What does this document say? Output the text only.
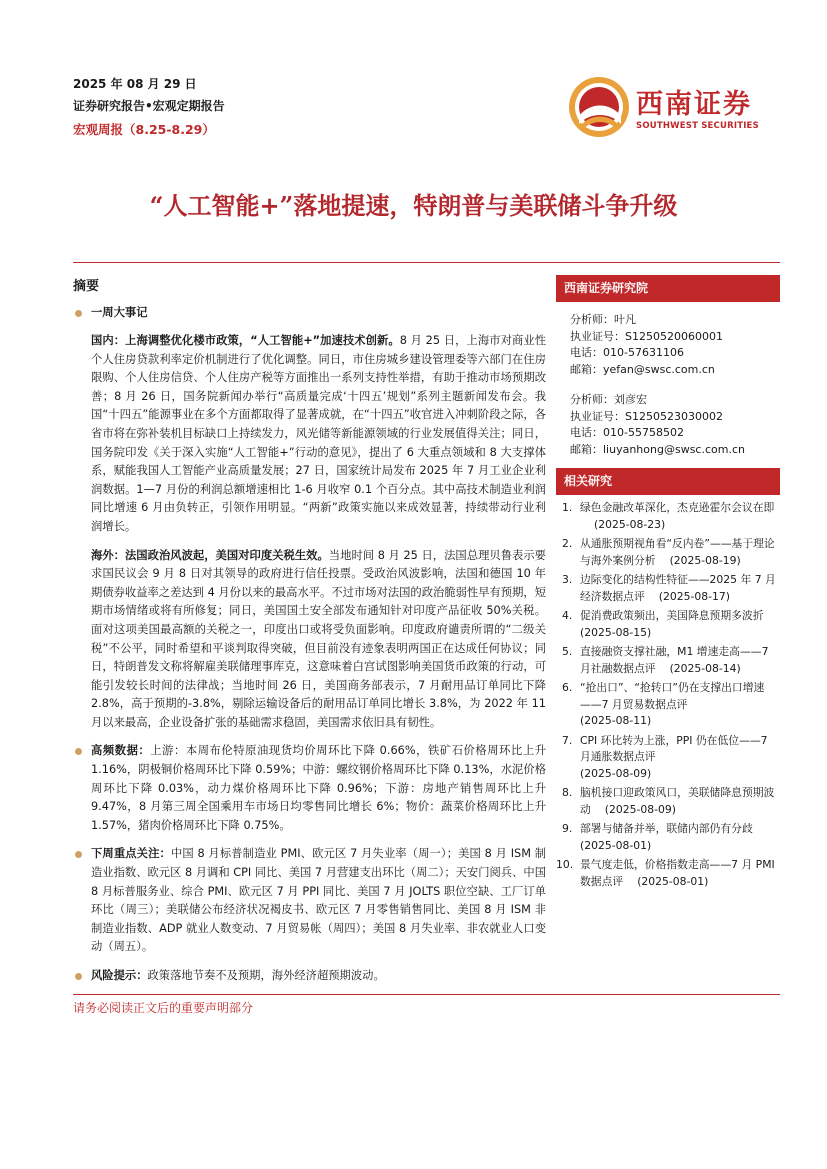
2025 年 08 月 29 日
证券研究报告•宏观定期报告
宏观周报（8.25-8.29）
西南证券
SOUTHWEST SECURITIES
“人工智能+”落地提速，特朗普与美联储斗争升级
摘要
一周大事记

国内：上海调整优化楼市政策，“人工智能+”加速技术创新。8 月 25 日，上海市对商业性个人住房贷款利率定价机制进行了优化调整。同日，市住房城乡建设管理委等六部门在住房限购、个人住房信贷、个人住房产税等方面推出一系列支持性举措，有助于推动市场预期改善；8 月 26 日，国务院新闻办举行“高质量完成‘十四五’规划”系列主题新闻发布会。我国“十四五”能源事业在多个方面都取得了显著成就，在“十四五”收官进入冲刺阶段之际，各省市将在弥补装机目标缺口上持续发力，风光储等新能源领域的行业发展值得关注；同日，国务院印发《关于深入实施“人工智能+”行动的意见》，提出了 6 大重点领域和 8 大支撑体系，赋能我国人工智能产业高质量发展；27 日，国家统计局发布 2025 年 7 月工业企业利润数据。1—7 月份的利润总额增速相比 1-6 月收窄 0.1 个百分点。其中高技术制造业利润同比增速 6 月由负转正，引领作用明显。“两新”政策实施以来成效显著，持续带动行业利润增长。

海外：法国政治风波起，美国对印度关税生效。当地时间 8 月 25 日，法国总理贝鲁表示要求国民议会 9 月 8 日对其领导的政府进行信任投票。受政治风波影响，法国和德国 10 年期债券收益率之差达到 4 月份以来的最高水平。不过市场对法国的政治脆弱性早有预期，短期市场情绪或将有所修复；同日，美国国土安全部发布通知针对印度产品征收 50%关税。面对这项美国最高额的关税之一，印度出口或将受负面影响。印度政府谴责所谓的“二级关税”不公平，同时希望和平谈判取得突破，但目前没有迹象表明两国正在达成任何协议；同日，特朗普发文称将解雇美联储理事库克，这意味着白宫试图影响美国货币政策的行动，可能引发较长时间的法律战；当地时间 26 日，美国商务部表示，7 月耐用品订单同比下降 2.8%，高于预期的-3.8%，剔除运输设备后的耐用品订单同比增长 3.8%，为 2022 年 11 月以来最高，企业设备扩张的基础需求稳固，美国需求依旧具有韧性。

高频数据：上游：本周布伦特原油现货均价周环比下降 0.66%，铁矿石价格周环比上升 1.16%，阴极铜价格周环比下降 0.59%；中游：螺纹钢价格周环比下降 0.13%，水泥价格周环比下降 0.03%，动力煤价格周环比下降 0.96%；下游：房地产销售周环比上升 9.47%，8 月第三周全国乘用车市场日均零售同比增长 6%；物价：蔬菜价格周环比上升 1.57%，猪肉价格周环比下降 0.75%。

下周重点关注：中国 8 月标普制造业 PMI、欧元区 7 月失业率（周一）；美国 8 月 ISM 制造业指数、欧元区 8 月调和 CPI 同比、美国 7 月营建支出环比（周二）；天安门阅兵、中国 8 月标普服务业、综合 PMI、欧元区 7 月 PPI 同比、美国 7 月 JOLTS 职位空缺、工厂订单环比（周三）；美联储公布经济状况褐皮书、欧元区 7 月零售销售同比、美国 8 月 ISM 非制造业指数、ADP 就业人数变动、7 月贸易帐（周四）；美国 8 月失业率、非农就业人口变动（周五）。

风险提示：政策落地节奏不及预期，海外经济超预期波动。

西南证券研究院
分析师：叶凡
执业证号：S1250520060001
电话：010-57631106
邮箱：yefan@swsc.com.cn
分析师：刘彦宏
执业证号：S1250523030002
电话：010-55758502
邮箱：liuyanhong@swsc.com.cn
相关研究
1. 绿色金融改革深化，杰克逊霍尔会议在即(2025-08-23)
2. 从通胀预期视角看“反内卷”——基于理论与海外案例分析 (2025-08-19)
3. 边际变化的结构性特征——2025 年 7 月经济数据点评 (2025-08-17)
4. 促消费政策频出，美国降息预期多波折
(2025-08-15)
5. 直接融资支撑社融，M1 增速走高——7 月社融数据点评 (2025-08-14)
6. “抢出口”、“抢转口”仍在支撑出口增速——7 月贸易数据点评
(2025-08-11)
7. CPI 环比转为上涨，PPI 仍在低位——7 月通胀数据点评
(2025-08-09)
8. 脑机接口迎政策风口，美联储降息预期波动 (2025-08-09)
9. 部署与储备并举，联储内部仍有分歧
(2025-08-01)
10. 景气度走低，价格指数走高——7 月 PMI 数据点评 (2025-08-01)
请务必阅读正文后的重要声明部分
